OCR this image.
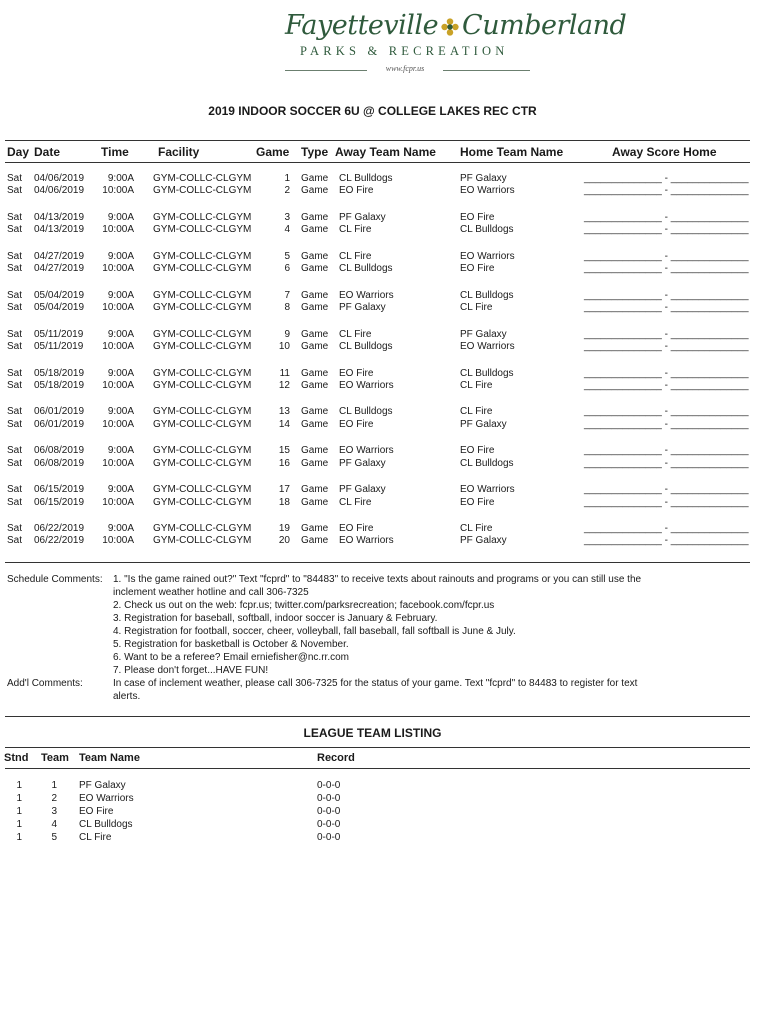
Fayetteville Cumberland
PARKS & RECREATION
www.fcpr.us
2019 INDOOR SOCCER 6U @ COLLEGE LAKES REC CTR
Day Date	Time Facility	Game Type Away Team Name Home Team Name	Away Score Home
Sat 04/06/2019	9:00A GYM-COLLC-CLGYM	1 Game CL Bulldogs	PF Galaxy	______________ - ______________
Sat 04/06/2019	10:00A GYM-COLLC-CLGYM	2 Game EO Fire	EO Warriors	______________ - ______________
Sat 04/13/2019	9:00A GYM-COLLC-CLGYM	3 Game PF Galaxy	EO Fire	______________ - ______________
Sat 04/13/2019	10:00A GYM-COLLC-CLGYM	4 Game CL Fire	CL Bulldogs	______________ - ______________
Sat 04/27/2019	9:00A GYM-COLLC-CLGYM	5 Game CL Fire	EO Warriors	______________ - ______________
Sat 04/27/2019	10:00A GYM-COLLC-CLGYM	6 Game CL Bulldogs	EO Fire	______________ - ______________
Sat 05/04/2019	9:00A GYM-COLLC-CLGYM	7 Game EO Warriors	CL Bulldogs	______________ - ______________
Sat 05/04/2019	10:00A GYM-COLLC-CLGYM	8 Game PF Galaxy	CL Fire	______________ - ______________
Sat 05/11/2019	9:00A GYM-COLLC-CLGYM	9 Game CL Fire	PF Galaxy	______________ - ______________
Sat 05/11/2019	10:00A GYM-COLLC-CLGYM	10 Game CL Bulldogs	EO Warriors	______________ - ______________
Sat 05/18/2019	9:00A GYM-COLLC-CLGYM	11 Game EO Fire	CL Bulldogs	______________ - ______________
Sat 05/18/2019	10:00A GYM-COLLC-CLGYM	12 Game EO Warriors	CL Fire	______________ - ______________
Sat 06/01/2019	9:00A GYM-COLLC-CLGYM	13 Game CL Bulldogs	CL Fire	______________ - ______________
Sat 06/01/2019	10:00A GYM-COLLC-CLGYM	14 Game EO Fire	PF Galaxy	______________ - ______________
Sat 06/08/2019	9:00A GYM-COLLC-CLGYM	15 Game EO Warriors	EO Fire	______________ - ______________
Sat 06/08/2019	10:00A GYM-COLLC-CLGYM	16 Game PF Galaxy	CL Bulldogs	______________ - ______________
Sat 06/15/2019	9:00A GYM-COLLC-CLGYM	17 Game PF Galaxy	EO Warriors	______________ - ______________
Sat 06/15/2019	10:00A GYM-COLLC-CLGYM	18 Game CL Fire	EO Fire	______________ - ______________
Sat 06/22/2019	9:00A GYM-COLLC-CLGYM	19 Game EO Fire	CL Fire	______________ - ______________
Sat 06/22/2019	10:00A GYM-COLLC-CLGYM	20 Game EO Warriors	PF Galaxy	______________ - ______________
Schedule Comments: 1. "Is the game rained out?" Text "fcprd" to "84483" to receive texts about rainouts and programs or you can still use the
inclement weather hotline and call 306-7325
2. Check us out on the web: fcpr.us; twitter.com/parksrecreation; facebook.com/fcpr.us
3. Registration for baseball, softball, indoor soccer is January & February.
4. Registration for football, soccer, cheer, volleyball, fall baseball, fall softball is June & July.
5. Registration for basketball is October & November.
6. Want to be a referee? Email erniefisher@nc.rr.com
7. Please don't forget...HAVE FUN!
Add'l Comments:	In case of inclement weather, please call 306-7325 for the status of your game. Text "fcprd" to 84483 to register for text
alerts.
LEAGUE TEAM LISTING
Stnd Team Team Name	Record
1	1 PF Galaxy	0-0-0
1	2 EO Warriors	0-0-0
1	3 EO Fire	0-0-0
1	4 CL Bulldogs	0-0-0
1	5 CL Fire	0-0-0
